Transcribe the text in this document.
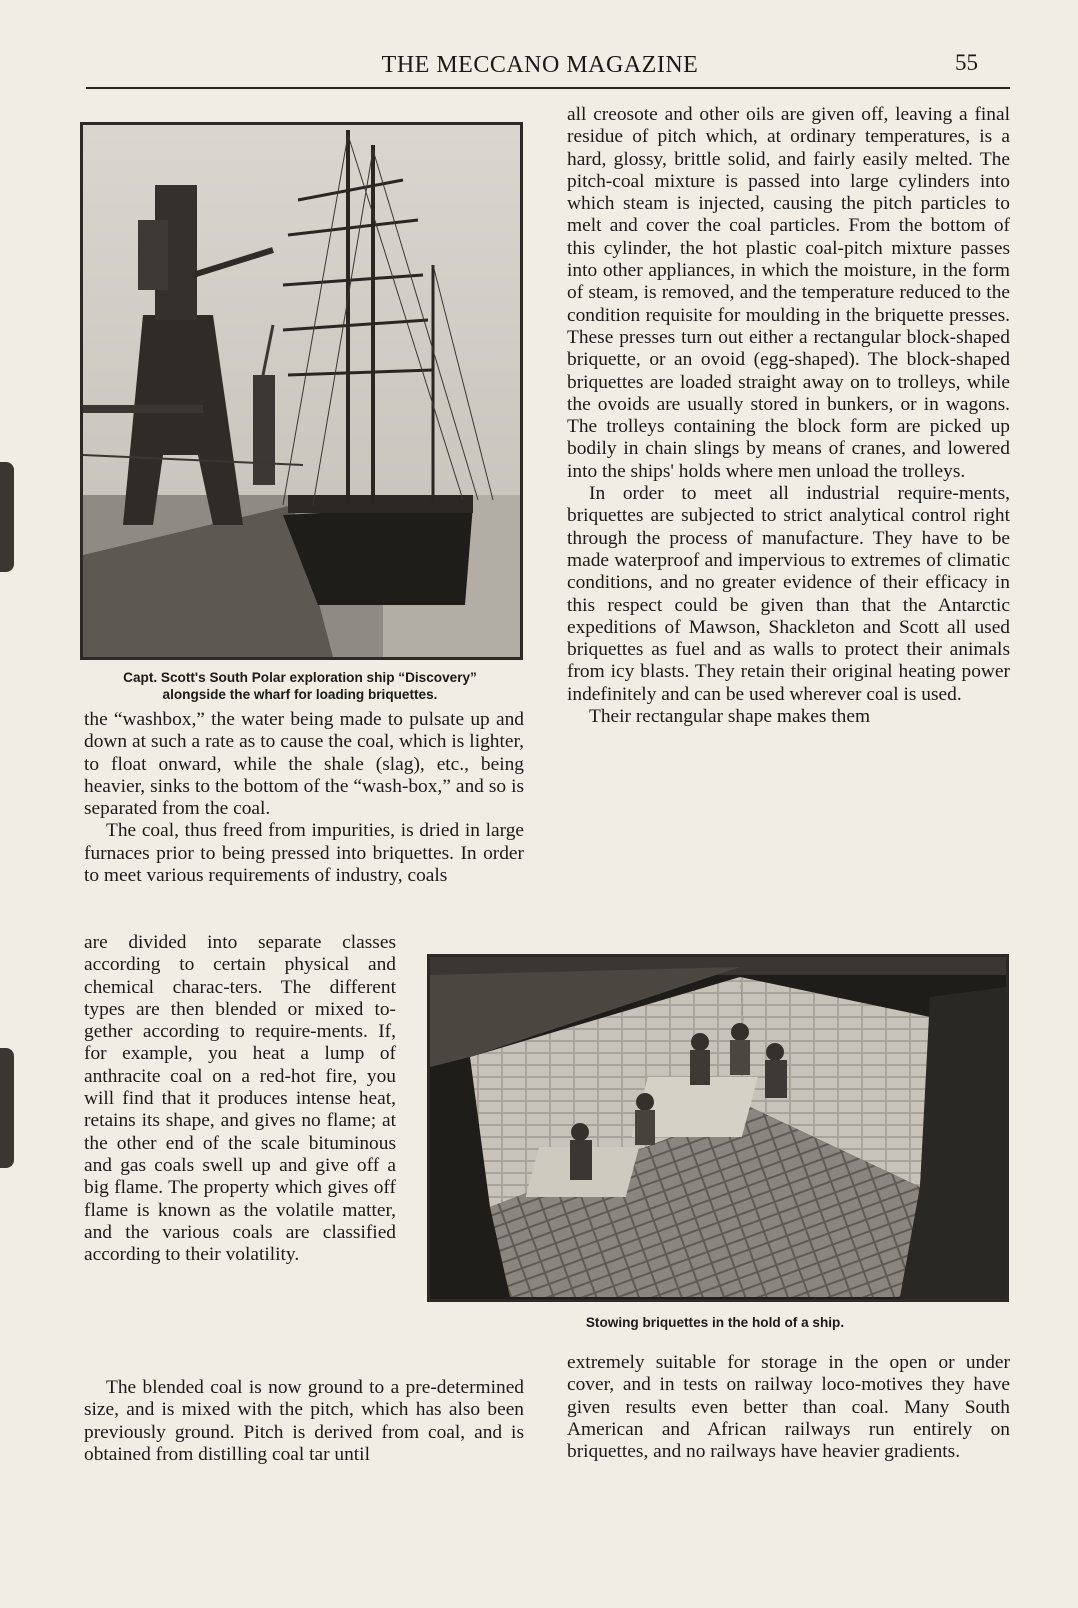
THE MECCANO MAGAZINE	55
Capt. Scott's South Polar exploration ship “Discovery”
alongside the wharf for loading briquettes.

the “washbox,” the water being made to pulsate up and down at such a rate as to cause the coal, which is lighter, to float onward, while the shale (slag), etc., being heavier, sinks to the bottom of the “wash-box,” and so is separated from the coal.

The coal, thus freed from impurities, is dried in large furnaces prior to being pressed into briquettes. In order to meet various requirements of industry, coals

are divided into separate classes according to certain physical and chemical charac-ters. The different types are then blended or mixed to-gether according to require-ments. If, for example, you heat a lump of anthracite coal on a red-hot fire, you will find that it produces intense heat, retains its shape, and gives no flame; at the other end of the scale bituminous and gas coals swell up and give off a big flame. The property which gives off flame is known as the volatile matter, and the various coals are classified according to their volatility.

The blended coal is now ground to a pre-determined size, and is mixed with the pitch, which has also been previously ground. Pitch is derived from coal, and is obtained from distilling coal tar until

all creosote and other oils are given off, leaving a final residue of pitch which, at ordinary temperatures, is a hard, glossy, brittle solid, and fairly easily melted. The pitch-coal mixture is passed into large cylinders into which steam is injected, causing the pitch particles to melt and cover the coal particles. From the bottom of this cylinder, the hot plastic coal-pitch mixture passes into other appliances, in which the moisture, in the form of steam, is removed, and the temperature reduced to the condition requisite for moulding in the briquette presses. These presses turn out either a rectangular block-shaped briquette, or an ovoid (egg-shaped). The block-shaped briquettes are loaded straight away on to trolleys, while the ovoids are usually stored in bunkers, or in wagons. The trolleys containing the block form are picked up bodily in chain slings by means of cranes, and lowered into the ships' holds where men unload the trolleys.

In order to meet all industrial require-ments, briquettes are subjected to strict analytical control right through the process of manufacture. They have to be made waterproof and impervious to extremes of climatic conditions, and no greater evidence of their efficacy in this respect could be given than that the Antarctic expeditions of Mawson, Shackleton and Scott all used briquettes as fuel and as walls to protect their animals from icy blasts. They retain their original heating power indefinitely and can be used wherever coal is used.

Their rectangular shape makes them

Stowing briquettes in the hold of a ship.

extremely suitable for storage in the open or under cover, and in tests on railway loco-motives they have given results even better than coal. Many South American and African railways run entirely on briquettes, and no railways have heavier gradients.
